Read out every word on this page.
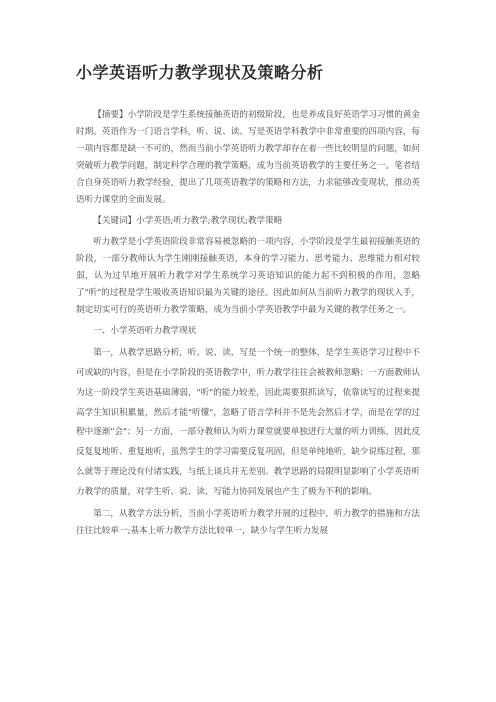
小学英语听力教学现状及策略分析

【摘要】小学阶段是学生系统接触英语的初级阶段，也是养成良好英语学习习惯的黄金时期。英语作为一门语言学科，听、说、读、写是英语学科教学中非常重要的四项内容，每一项内容都是缺一不可的，然而当前小学英语听力教学却存在着一些比较明显的问题，如何突破听力教学问题，制定科学合理的教学策略，成为当前英语教学的主要任务之一。笔者结合自身英语听力教学经验，提出了几项英语教学的策略和方法，力求能够改变现状，推动英语听力课堂的全面发展。

【关键词】小学英语;听力教学;教学现状;教学策略

听力教学是小学英语阶段非常容易被忽略的一项内容，小学阶段是学生最初接触英语的阶段，一部分教师认为学生刚刚接触英语，本身的学习能力、思考能力、思维能力相对较弱，认为过早地开展听力教学对学生系统学习英语知识的能力起不到积极的作用，忽略了"听"的过程是学生吸收英语知识最为关键的途径。因此如何从当前听力教学的现状入手，制定切实可行的英语听力教学策略，成为当前小学英语教学中最为关键的教学任务之一。

一、小学英语听力教学现状

第一，从教学思路分析，听、说、读、写是一个统一的整体，是学生英语学习过程中不可或缺的内容，但是在小学阶段的英语教学中，听力教学往往会被教师忽略；一方面教师认为这一阶段学生英语基础薄弱，"听"的能力较差，因此需要狠抓读写，依靠读写的过程来提高学生知识积累量，然后才能"听懂"，忽略了语言学科并不是先会然后才学，而是在学的过程中逐渐"会"；另一方面，一部分教师认为听力课堂就要单独进行大量的听力训练，因此反反复复地听、重复地听，虽然学生的学习需要反复巩固，但是单纯地听，缺少说练过程，那么就等于理论没有付诸实践，与纸上谈兵并无差别。教学思路的局限明显影响了小学英语听力教学的质量，对学生听、说、读、写能力协同发展也产生了极为不利的影响。

第二，从教学方法分析，当前小学英语听力教学开展的过程中，听力教学的措施和方法往往比较单一;基本上听力教学方法比较单一，缺少与学生听力发展
